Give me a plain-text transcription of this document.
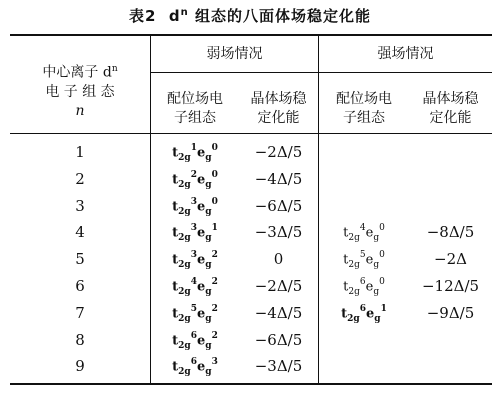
表2 $d^n$ 组态的八面体场稳定化能
中心离子 $d^n$
电 子 组 态
n
弱场情况	强场情况
配位场电
子组态
晶体场稳
定化能
配位场电
子组态
晶体场稳
定化能
1	$t_{2g}^1e_g^0$	−2Δ/5
2	$t_{2g}^2e_g^0$	−4Δ/5
3	$t_{2g}^3e_g^0$	−6Δ/5
4	$t_{2g}^3e_g^1$	−3Δ/5	$t_{2g}^4e_g^0$	−8Δ/5
5	$t_{2g}^3e_g^2$	0	$t_{2g}^5e_g^0$	−2Δ
6	$t_{2g}^4e_g^2$	−2Δ/5	$t_{2g}^6e_g^0$	−12Δ/5
7	$t_{2g}^5e_g^2$	−4Δ/5	$t_{2g}^6e_g^1$	−9Δ/5
8	$t_{2g}^6e_g^2$	−6Δ/5
9	$t_{2g}^6e_g^3$	−3Δ/5
